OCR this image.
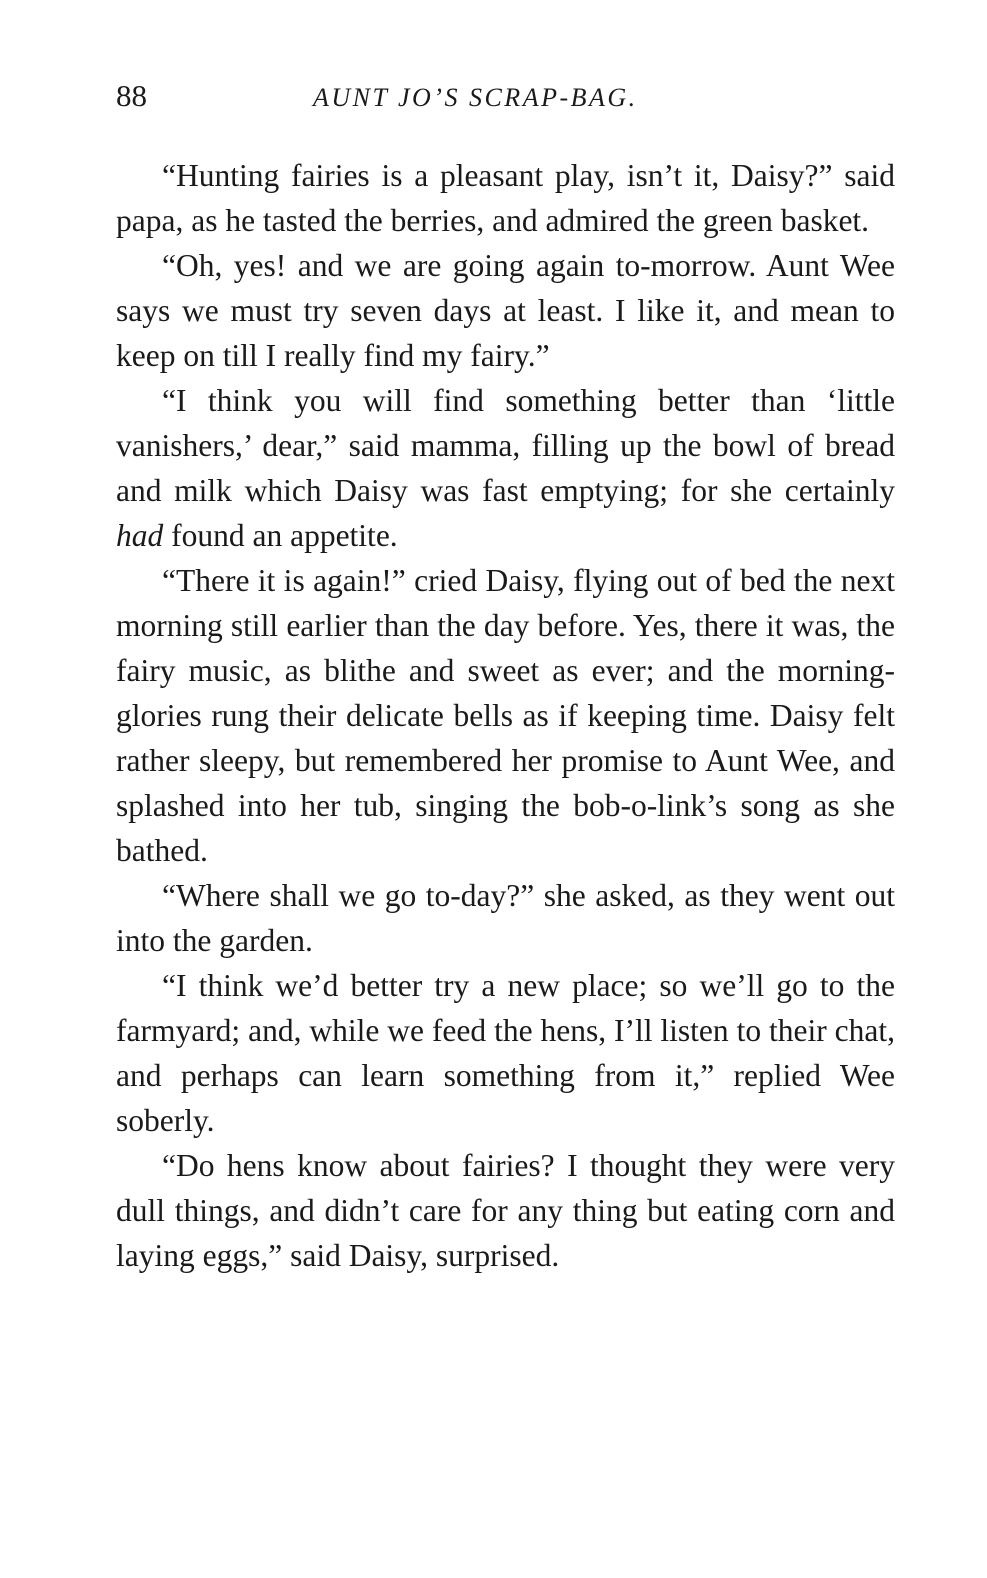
88	AUNT JO’S SCRAP-BAG.

“Hunting fairies is a pleasant play, isn’t it, Daisy?” said papa, as he tasted the berries, and admired the green basket.

“Oh, yes! and we are going again to-morrow. Aunt Wee says we must try seven days at least. I like it, and mean to keep on till I really find my fairy.”

“I think you will find something better than ‘little vanishers,’ dear,” said mamma, filling up the bowl of bread and milk which Daisy was fast emptying; for she certainly had found an appetite.

“There it is again!” cried Daisy, flying out of bed the next morning still earlier than the day before. Yes, there it was, the fairy music, as blithe and sweet as ever; and the morning-glories rung their delicate bells as if keeping time. Daisy felt rather sleepy, but remembered her promise to Aunt Wee, and splashed into her tub, singing the bob-o-link’s song as she bathed.

“Where shall we go to-day?” she asked, as they went out into the garden.

“I think we’d better try a new place; so we’ll go to the farmyard; and, while we feed the hens, I’ll listen to their chat, and perhaps can learn something from it,” replied Wee soberly.

“Do hens know about fairies? I thought they were very dull things, and didn’t care for any thing but eating corn and laying eggs,” said Daisy, surprised.
